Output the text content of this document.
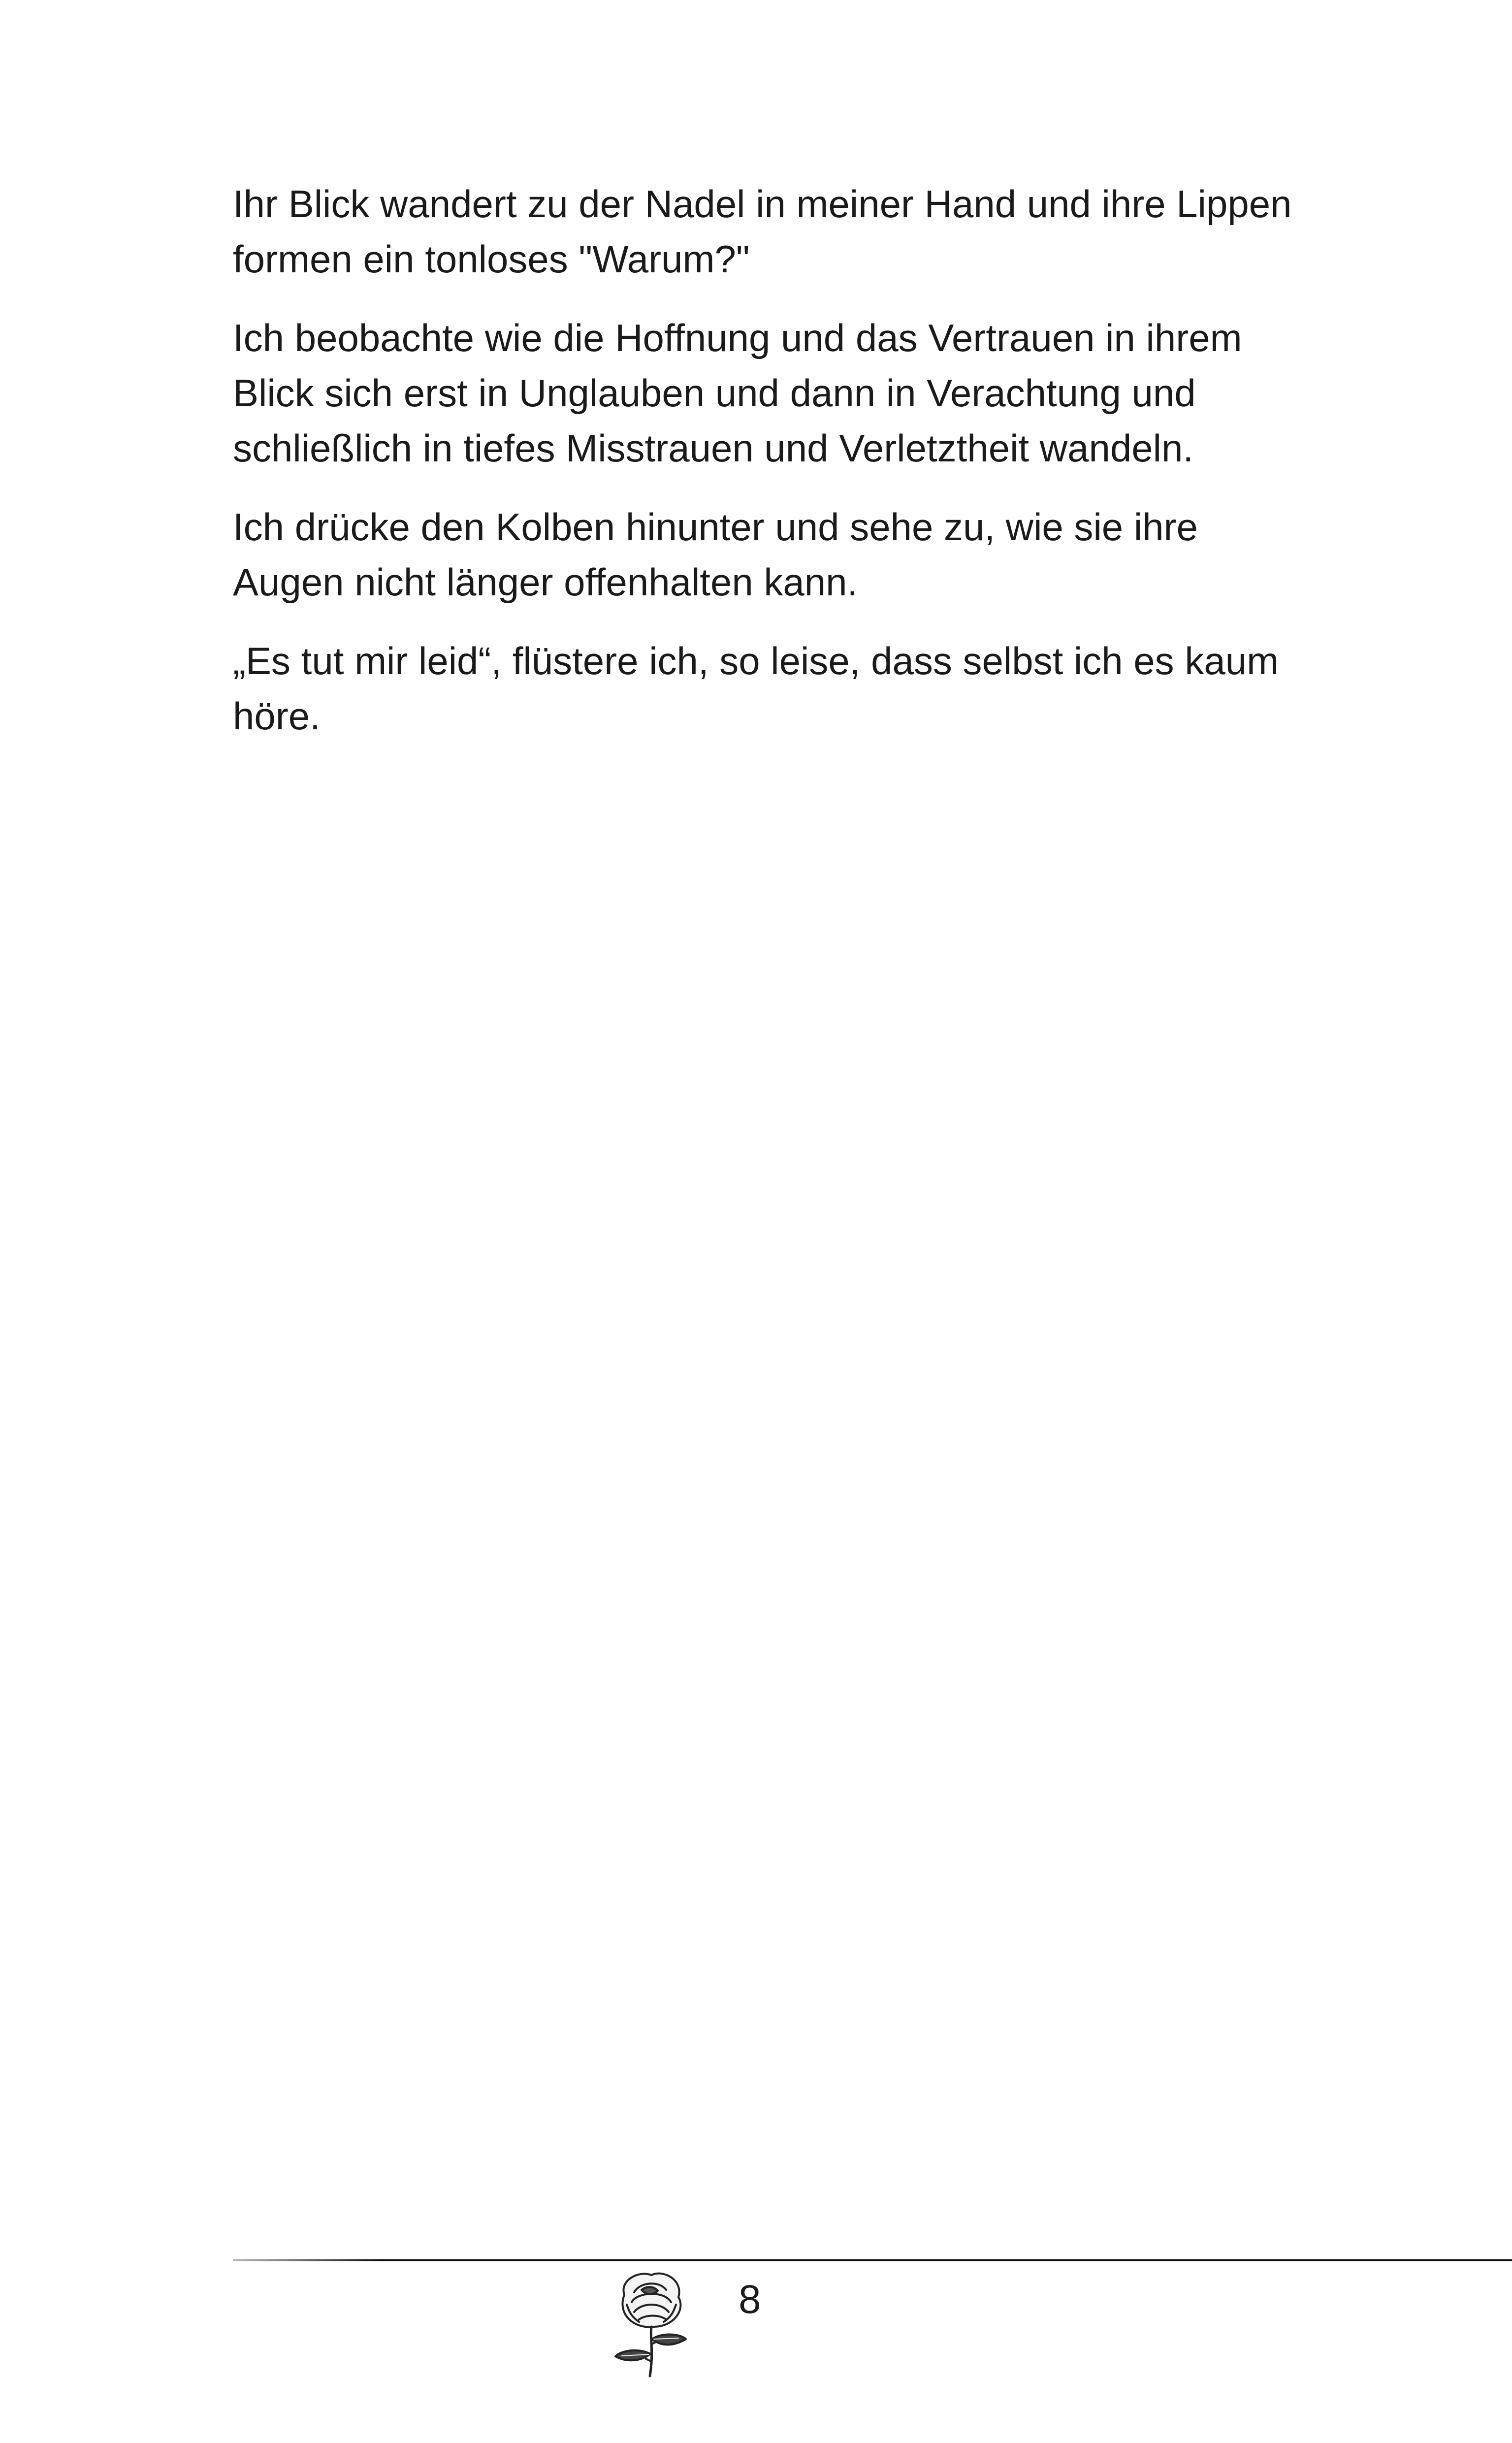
Ihr Blick wandert zu der Nadel in meiner Hand und ihre Lippen formen ein tonloses "Warum?"

Ich beobachte wie die Hoffnung und das Vertrauen in ihrem Blick sich erst in Unglauben und dann in Verachtung und schließlich in tiefes Misstrauen und Verletztheit wandeln.

Ich drücke den Kolben hinunter und sehe zu, wie sie ihre Augen nicht länger offenhalten kann.

„Es tut mir leid“, flüstere ich, so leise, dass selbst ich es kaum höre.

8
